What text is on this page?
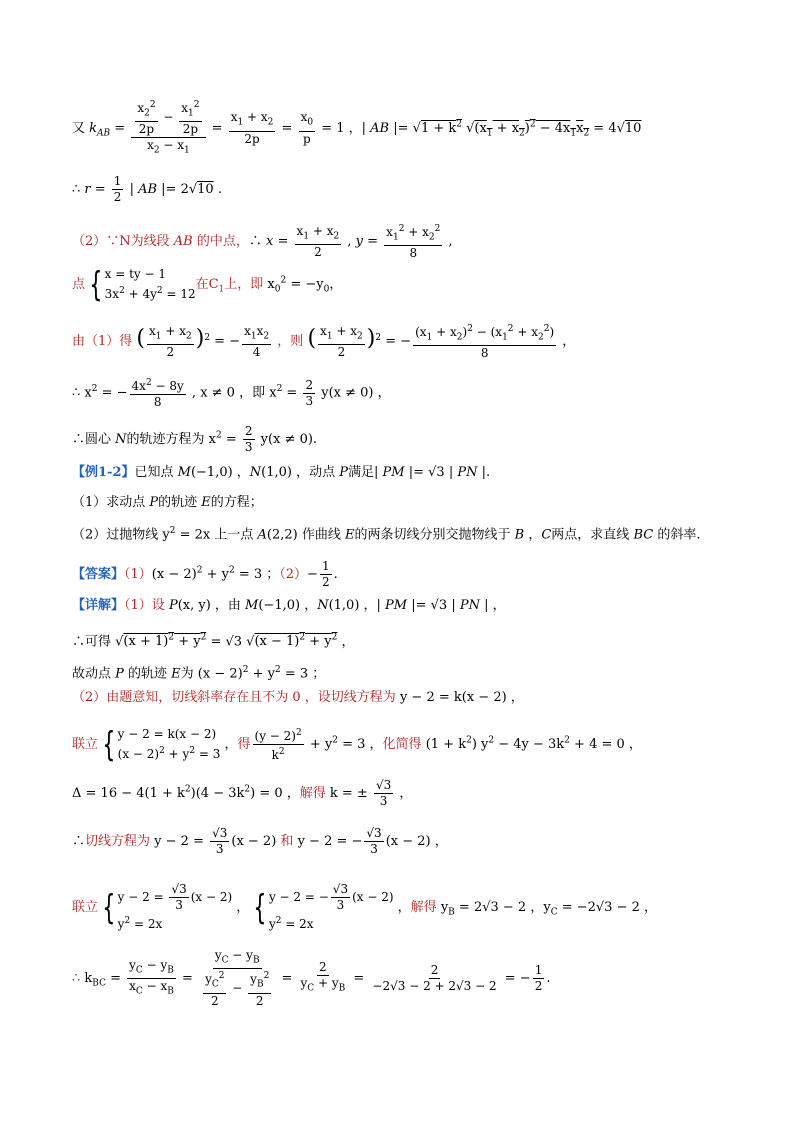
又 $k_{AB} = \frac{\frac{x_2^2}{2p} - \frac{x_1^2}{2p}}{x_2 - x_1} = \frac{x_1 + x_2}{2p} = \frac{x_0}{p} = 1$ ，| AB |= $√1 + k^2$ $√(x_1 + x_2)^2 - 4x_1x_2 = 4√10$
∴ $r = \frac{1}{2}$ | AB |= 2√10 .
（2）∵N为线段 AB 的中点，∴ $x = \frac{x_1 + x_2}{2}$ , $y = \frac{x_1^2 + x_2^2}{8}$ ,
点 { x = ty − 1
$3x^2 + 4y^2 = 12$
在$C_1$上，即 $x_0^2 = -y_0$，
由（1）得 ( $\frac{x_1 + x_2}{2} )^2$ = − $\frac{x_1x_2}{4}$ ，则 ( $\frac{x_1 + x_2}{2} )^2$ = − $\frac{(x_1 + x_2)^2 - (x_1^2 + x_2^2)}{8}$ ，
∴ $x^2$ = − $\frac{4x^2 - 8y}{8}$ , x ≠ 0 ，即 $x^2 = \frac{2}{3} y(x \ne 0)$ ，
∴圆心 N的轨迹方程为 $x^2 = \frac{2}{3} y(x \ne 0)$.
【例1-2】已知点 M(−1,0) ，N(1,0) ，动点 P满足| PM |= √3 | PN |.
（1）求动点 P的轨迹 E的方程；
（2）过抛物线 $y^2 = 2x$ 上一点 A(2,2) 作曲线 E的两条切线分别交抛物线于 B ，C两点，求直线 BC 的斜率.
【答案】$(1)(x - 2)^2 + y^2 = 3$ ；$(2)- \frac{1}{2}$ .
【详解】（1）设 P(x, y) ，由 M(−1,0) ，N(1,0) ，| PM |= √3 | PN | ，
∴可得 $√(x + 1)^2 + y^2 = √3$ $√(x - 1)^2 + y^2$ ，
故动点 P 的轨迹 E为 $(x - 2)^2 + y^2 = 3$ ；
（2）由题意知，切线斜率存在且不为 0 ，设切线方程为 y − 2 = k(x − 2) ，
联立 { y − 2 = k(x − 2)
$(x - 2)^2 + y^2 = 3$
，得 $\frac{(y - 2)^2}{k^2} + y^2 = 3$ ，化简得 $(1 + k^2)$ $y^2 - 4y - 3k^2 + 4 = 0$ ，
$\Delta = 16 - 4(1 + k^2)(4 - 3k^2) = 0$ ，解得 k = ± $\frac{√3}{3}$ ，
∴切线方程为 $y - 2 = \frac{√3}{3} (x - 2)$ 和 y − 2 = − $\frac{√3}{3} (x - 2)$ ，
联立 { $y - 2 = \frac{√3}{3} (x - 2)$
$y^2 = 2x$
， { y − 2 = − $\frac{√3}{3} (x - 2)$
$y^2 = 2x$
，解得 $y_B = 2√3 - 2$ ，$y_C = -2√3 - 2$ ，
∴ $k_{BC} = \frac{y_C - y_B}{x_C - x_B} = \frac{y_C - y_B}{\frac{y_C^2}{2} - \frac{y_B^2}{2}} = \frac{2}{y_C + y_B} = \frac{2}{-2√3 - 2 + 2√3 - 2}$ = − $\frac{1}{2}$ .
